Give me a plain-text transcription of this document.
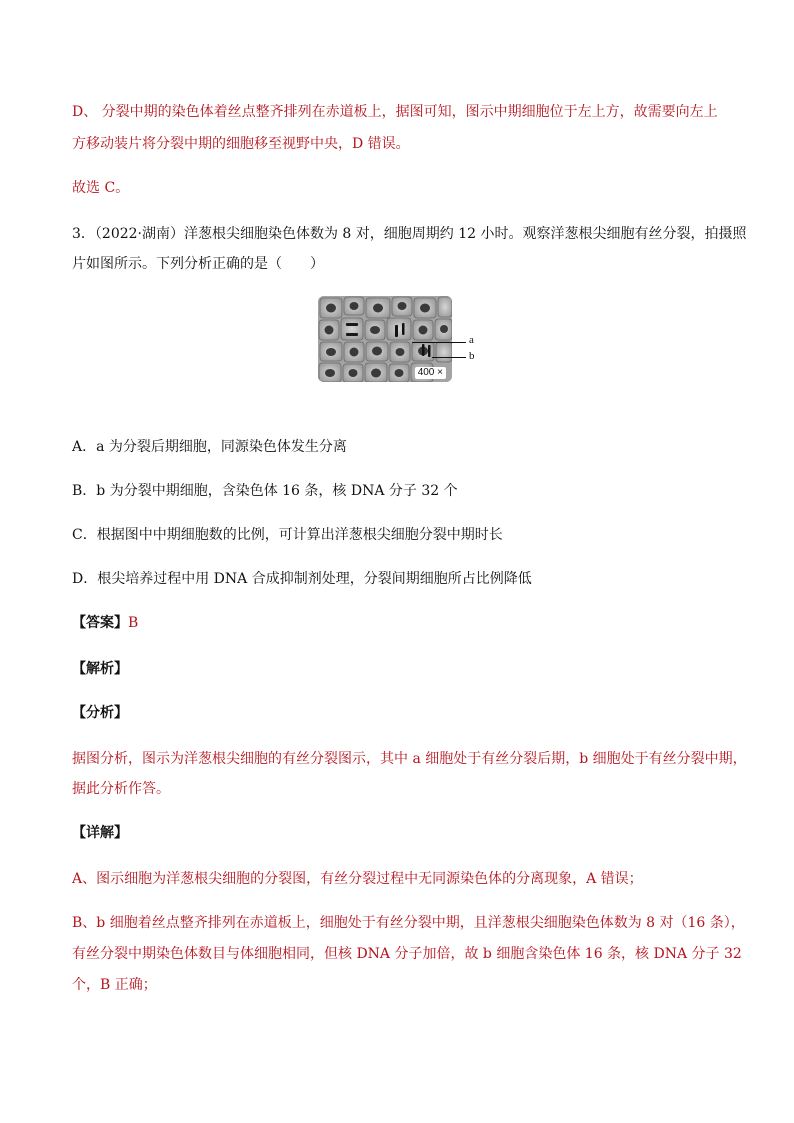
D、 分裂中期的染色体着丝点整齐排列在赤道板上，据图可知，图示中期细胞位于左上方，故需要向左上
方移动装片将分裂中期的细胞移至视野中央，D 错误。
故选 C。
3．（2022·湖南）洋葱根尖细胞染色体数为 8 对，细胞周期约 12 小时。观察洋葱根尖细胞有丝分裂，拍摄照
片如图所示。下列分析正确的是（　　）
400 ×
a
b
A．a 为分裂后期细胞，同源染色体发生分离
B．b 为分裂中期细胞，含染色体 16 条，核 DNA 分子 32 个
C．根据图中中期细胞数的比例，可计算出洋葱根尖细胞分裂中期时长
D．根尖培养过程中用 DNA 合成抑制剂处理，分裂间期细胞所占比例降低
【答案】B
【解析】
【分析】
据图分析，图示为洋葱根尖细胞的有丝分裂图示，其中 a 细胞处于有丝分裂后期，b 细胞处于有丝分裂中期，
据此分析作答。
【详解】
A、图示细胞为洋葱根尖细胞的分裂图，有丝分裂过程中无同源染色体的分离现象，A 错误；
B、b 细胞着丝点整齐排列在赤道板上，细胞处于有丝分裂中期，且洋葱根尖细胞染色体数为 8 对（16 条），
有丝分裂中期染色体数目与体细胞相同，但核 DNA 分子加倍，故 b 细胞含染色体 16 条，核 DNA 分子 32
个，B 正确；
